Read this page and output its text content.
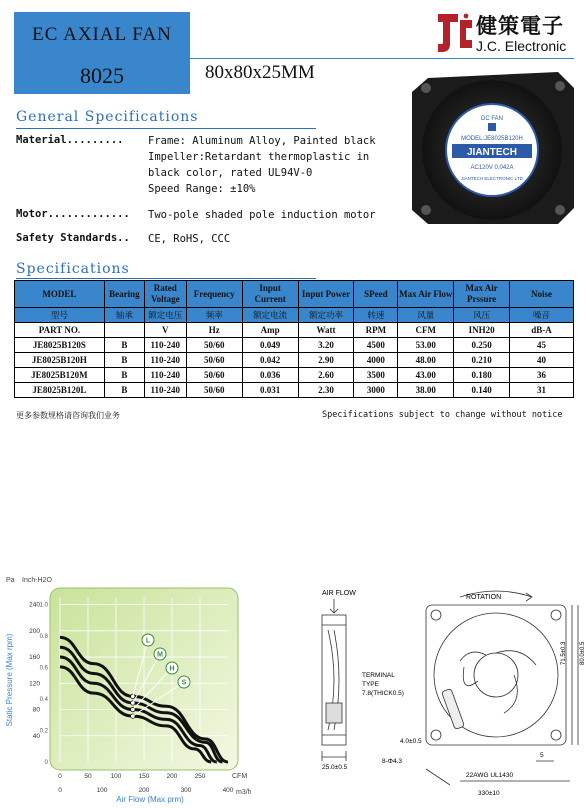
EC AXIAL FAN
8025	80x80x25MM
健策電子
J.C. Electronic
General Specifications
Material......... Frame: Aluminum Alloy, Painted black
Impeller:Retardant thermoplastic in
black color, rated UL94V-0
Speed Range: ±10%
Motor............. Two-pole shaded pole induction motor
Safety Standards.. CE, RoHS, CCC
DC FAN
MODEL:JE8025B120H
JIANTECH
AC120V 0.042A
JIANTECH ELECTRONIC LTD
Specifications
MODEL	Bearing	Rated Voltage	Frequency	Input Current	Input Power	SPeed	Max Air Flow	Max Air Prssure	Noise
型号	轴承	额定电压	频率	额定电流	额定功率	转速	风量	风压	噪音
PART NO.		V	Hz	Amp	Watt	RPM	CFM	INH20	dB-A
JE8025B120S	B	110-240	50/60	0.049	3.20	4500	53.00	0.250	45
JE8025B120H	B	110-240	50/60	0.042	2.90	4000	48.00	0.210	40
JE8025B120M	B	110-240	50/60	0.036	2.60	3500	43.00	0.180	36
JE8025B120L	B	110-240	50/60	0.031	2.30	3000	38.00	0.140	31
更多参数规格请咨询我们业务	Specifications subject to change without notice
Pa Inch-H2O
L
M
H
S
240
200
160
120
80
40
1.0
0.8
0.6
0.4
0.2
0
0	50	100	150	200	250
0	100	200	300	400
Static Pressure (Max rpm)
Air Flow (Max prm)
CFM
m3/h
AIR FLOW
ROTATION
TERMINAL
TYPE
7.8(THICK0.5)
25.0±0.5
4.0±0.5
8-Φ4.3
71.5±0.3 80.0±0.5
5
22AWG UL1430
330±10
